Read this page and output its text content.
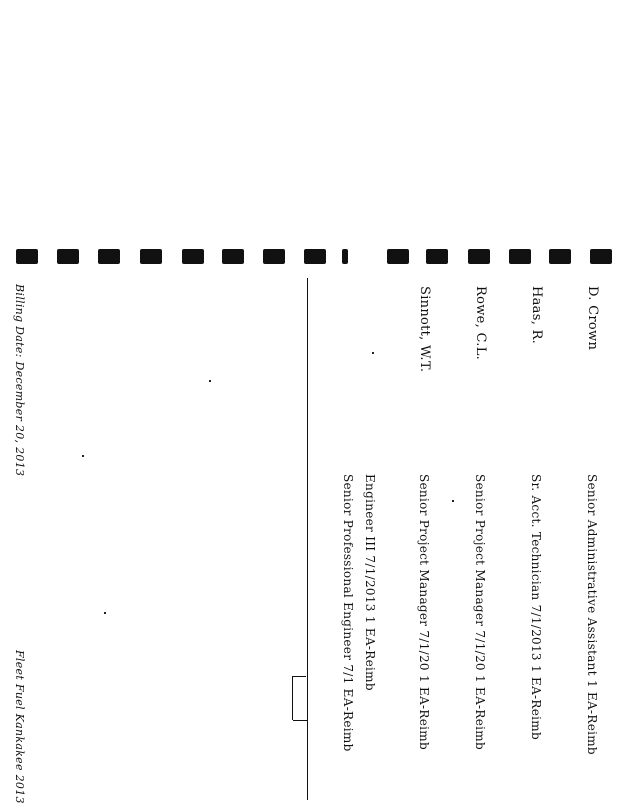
D. Crown
Senior Administrative Assistant 1 EA-Reimb
Haas, R.
Sr. Acct. Technician 7/1/2013 1 EA-Reimb
Rowe, C.L.
Senior Project Manager 7/1/20 1 EA-Reimb
Sinnott, W.T.
Senior Project Manager 7/1/20 1 EA-Reimb
Engineer III 7/1/2013 1 EA-Reimb
Senior Professional Engineer 7/1 EA-Reimb
Billing Date: December 20, 2013
Fleet Fuel Kankakee 2013
